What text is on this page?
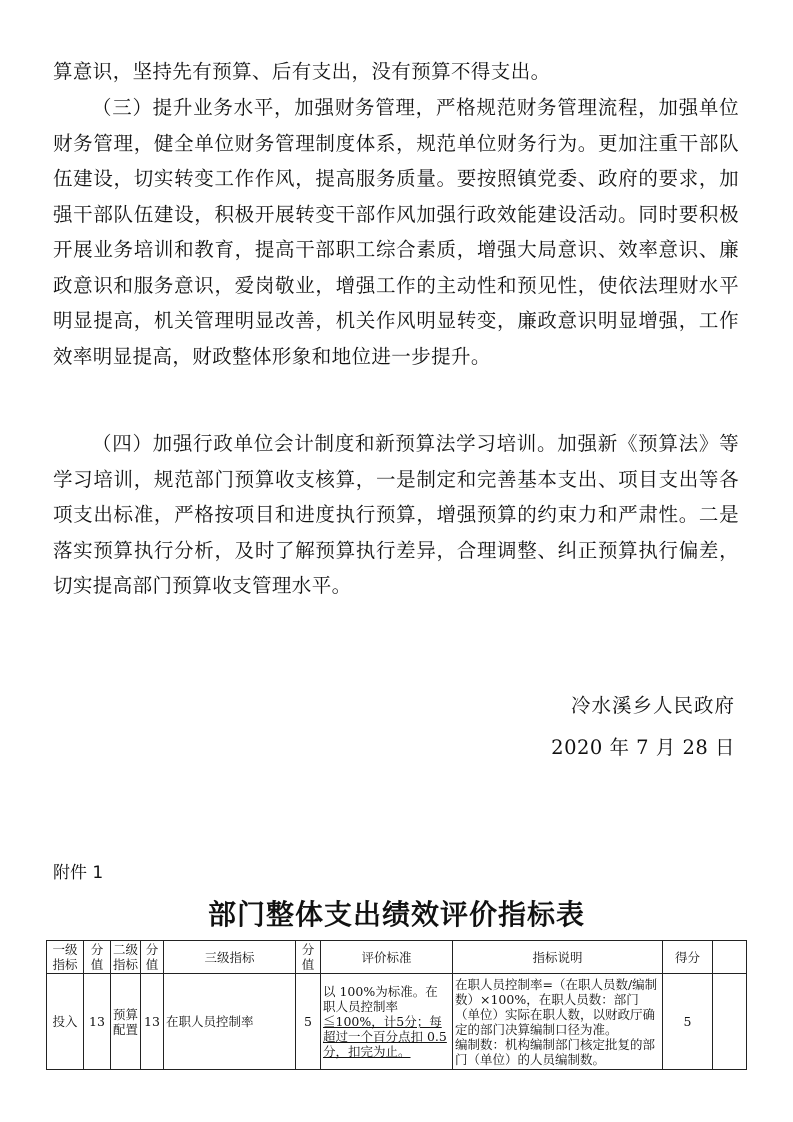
算意识，坚持先有预算、后有支出，没有预算不得支出。

（三）提升业务水平，加强财务管理，严格规范财务管理流程，加强单位财务管理，健全单位财务管理制度体系，规范单位财务行为。更加注重干部队伍建设，切实转变工作作风，提高服务质量。要按照镇党委、政府的要求，加强干部队伍建设，积极开展转变干部作风加强行政效能建设活动。同时要积极开展业务培训和教育，提高干部职工综合素质，增强大局意识、效率意识、廉政意识和服务意识，爱岗敬业，增强工作的主动性和预见性，使依法理财水平明显提高，机关管理明显改善，机关作风明显转变，廉政意识明显增强，工作效率明显提高，财政整体形象和地位进一步提升。

（四）加强行政单位会计制度和新预算法学习培训。加强新《预算法》等学习培训，规范部门预算收支核算，一是制定和完善基本支出、项目支出等各项支出标准，严格按项目和进度执行预算，增强预算的约束力和严肃性。二是落实预算执行分析，及时了解预算执行差异，合理调整、纠正预算执行偏差，切实提高部门预算收支管理水平。

冷水溪乡人民政府
2020 年 7 月 28 日
附件 1
部门整体支出绩效评价指标表
一级指标	分值	二级指标	分值	三级指标	分值	评价标准	指标说明	得分	
投入	13	预算配置	13	在职人员控制率	5	以 100%为标准。在职人员控制率≦100%，计5分；每超过一个百分点扣 0.5 分，扣完为止。	在职人员控制率=（在职人员数/编制数）×100%，在职人员数：部门（单位）实际在职人数，以财政厅确定的部门决算编制口径为准。
编制数：机构编制部门核定批复的部门（单位）的人员编制数。	5	
